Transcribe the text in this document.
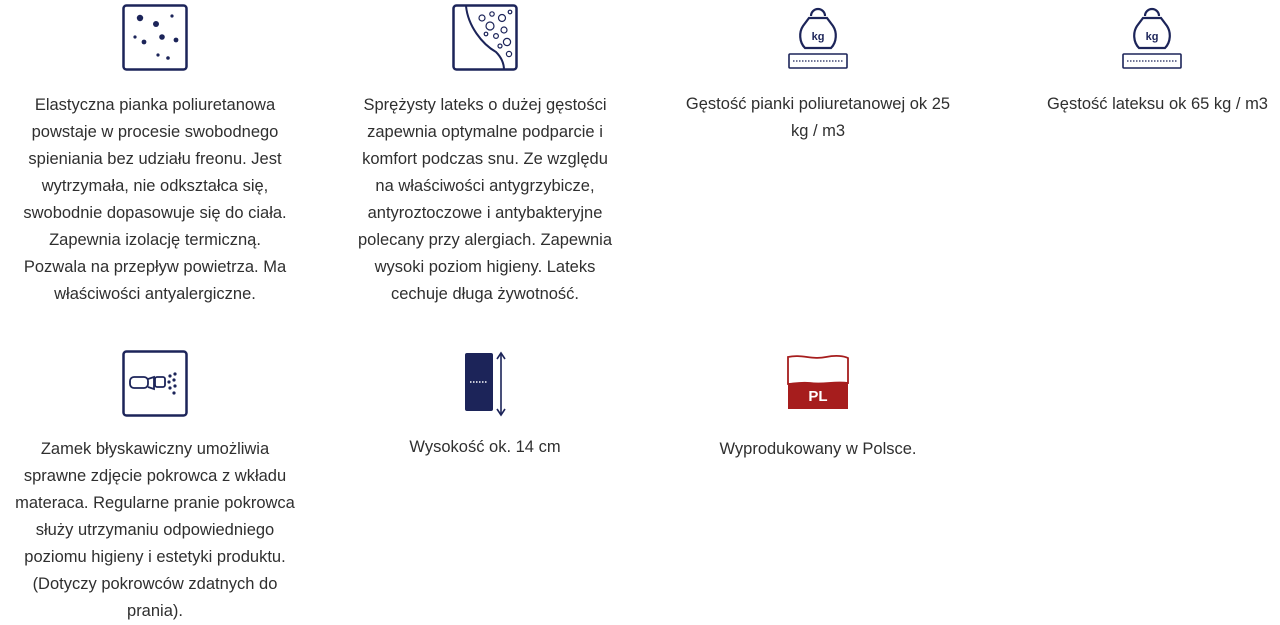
Elastyczna pianka poliuretanowa
powstaje w procesie swobodnego
spieniania bez udziału freonu. Jest
wytrzymała, nie odkształca się,
swobodnie dopasowuje się do ciała.
Zapewnia izolację termiczną.
Pozwala na przepływ powietrza. Ma
właściwości antyalergiczne.

Sprężysty lateks o dużej gęstości
zapewnia optymalne podparcie i
komfort podczas snu. Ze względu
na właściwości antygrzybicze,
antyroztoczowe i antybakteryjne
polecany przy alergiach. Zapewnia
wysoki poziom higieny. Lateks
cechuje długa żywotność.

kg

Gęstość pianki poliuretanowej ok 25
kg / m3

kg

Gęstość lateksu ok 65 kg / m3

Zamek błyskawiczny umożliwia
sprawne zdjęcie pokrowca z wkładu
materaca. Regularne pranie pokrowca
służy utrzymaniu odpowiedniego
poziomu higieny i estetyki produktu.
(Dotyczy pokrowców zdatnych do
prania).

Wysokość ok. 14 cm

PL

Wyprodukowany w Polsce.
